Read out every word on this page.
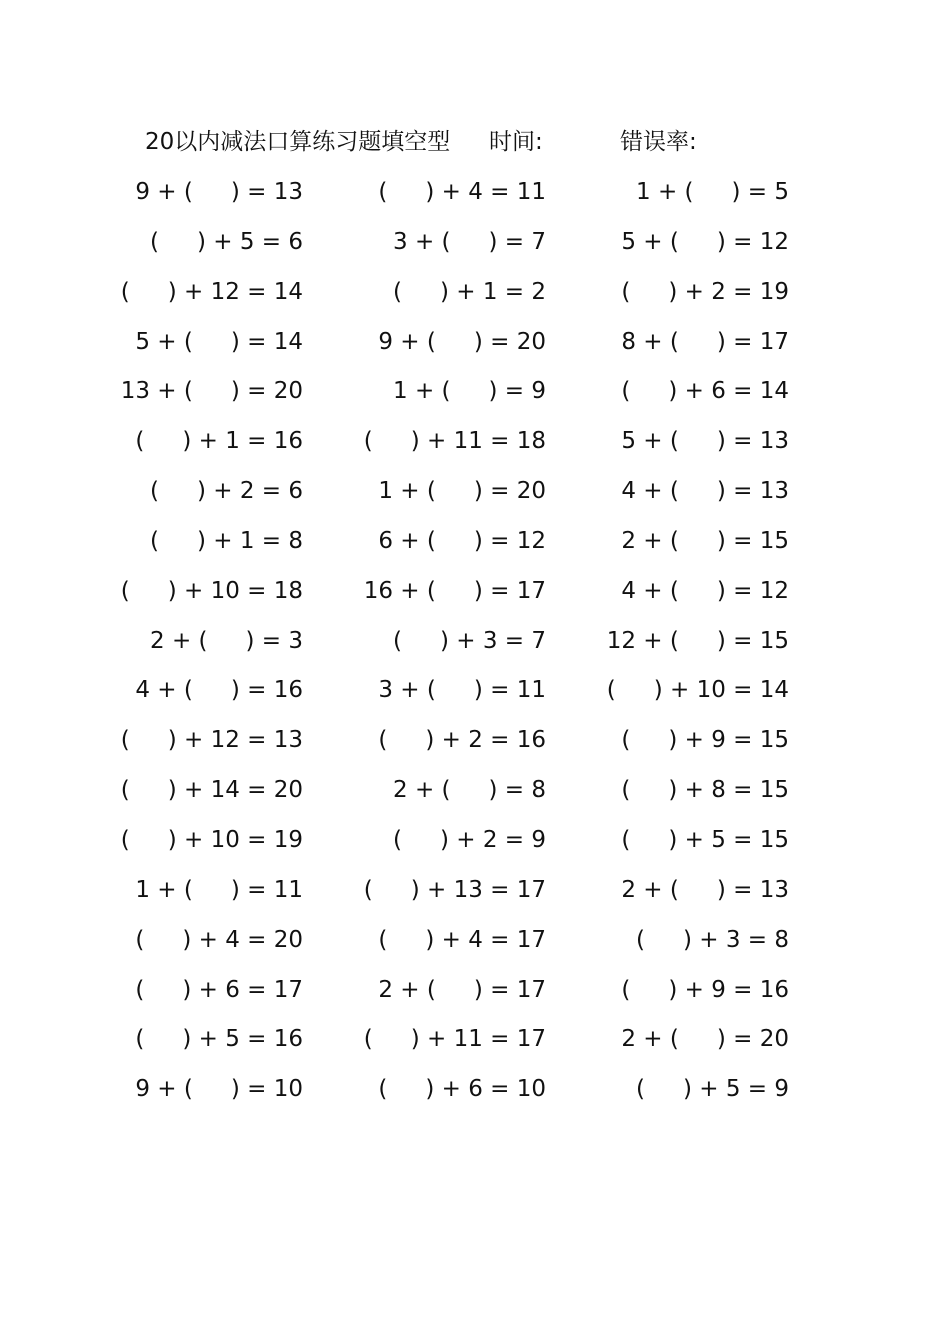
20以内减法口算练习题填空型 时间:	错误率:
9 + ( ) = 13	( ) + 4 = 11	1 + ( ) = 5
( ) + 5 = 6	3 + ( ) = 7	5 + ( ) = 12
( ) + 12 = 14	( ) + 1 = 2	( ) + 2 = 19
5 + ( ) = 14	9 + ( ) = 20	8 + ( ) = 17
13 + ( ) = 20	1 + ( ) = 9	( ) + 6 = 14
( ) + 1 = 16	( ) + 11 = 18	5 + ( ) = 13
( ) + 2 = 6	1 + ( ) = 20	4 + ( ) = 13
( ) + 1 = 8	6 + ( ) = 12	2 + ( ) = 15
( ) + 10 = 18	16 + ( ) = 17	4 + ( ) = 12
2 + ( ) = 3	( ) + 3 = 7	12 + ( ) = 15
4 + ( ) = 16	3 + ( ) = 11	( ) + 10 = 14
( ) + 12 = 13	( ) + 2 = 16	( ) + 9 = 15
( ) + 14 = 20	2 + ( ) = 8	( ) + 8 = 15
( ) + 10 = 19	( ) + 2 = 9	( ) + 5 = 15
1 + ( ) = 11	( ) + 13 = 17	2 + ( ) = 13
( ) + 4 = 20	( ) + 4 = 17	( ) + 3 = 8
( ) + 6 = 17	2 + ( ) = 17	( ) + 9 = 16
( ) + 5 = 16	( ) + 11 = 17	2 + ( ) = 20
9 + ( ) = 10	( ) + 6 = 10	( ) + 5 = 9
